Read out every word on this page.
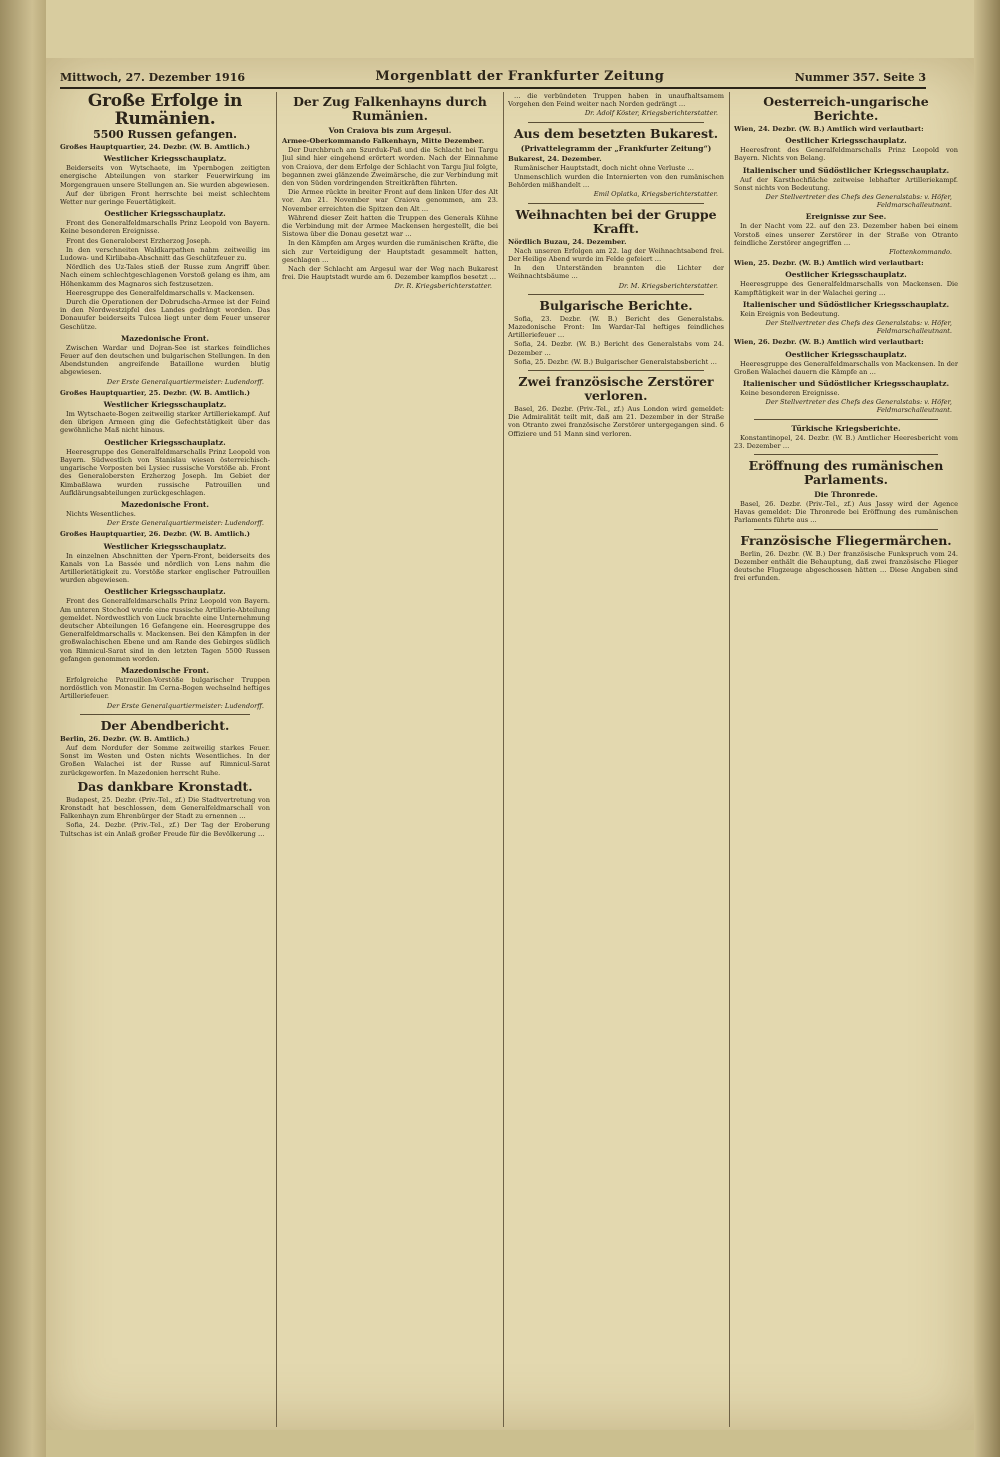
Mittwoch, 27. Dezember 1916	Morgenblatt der Frankfurter Zeitung	Nummer 357. Seite 3
Große Erfolge in Rumänien.
5500 Russen gefangen.
Großes Hauptquartier, 24. Dezbr. (W. B. Amtlich.)
Westlicher Kriegsschauplatz.

Beiderseits von Wytschaete, im Ypernbogen zeitigten energische Abteilungen von starker Feuerwirkung im Morgengrauen unsere Stellungen an. Sie wurden abgewiesen.

Auf der übrigen Front herrschte bei meist schlechtem Wetter nur geringe Feuertätigkeit.

Oestlicher Kriegsschauplatz.

Front des Generalfeldmarschalls Prinz Leopold von Bayern. Keine besonderen Ereignisse.

Front des Generaloberst Erzherzog Joseph.

In den verschneiten Waldkarpathen nahm zeitweilig im Ludowa- und Kirlibaba-Abschnitt das Geschützfeuer zu.

Nördlich des Uz-Tales stieß der Russe zum Angriff über. Nach einem schlechtgeschlagenen Vorstoß gelang es ihm, am Höhenkamm des Magnaros sich festzusetzen.

Heeresgruppe des Generalfeldmarschalls v. Mackensen.

Durch die Operationen der Dobrudscha-Armee ist der Feind in den Nordwestzipfel des Landes gedrängt worden. Das Donauufer beiderseits Tulcea liegt unter dem Feuer unserer Geschütze.

Mazedonische Front.

Zwischen Wardar und Dojran-See ist starkes feindliches Feuer auf den deutschen und bulgarischen Stellungen. In den Abendstunden angreifende Bataillone wurden blutig abgewiesen.

Der Erste Generalquartiermeister: Ludendorff.
Großes Hauptquartier, 25. Dezbr. (W. B. Amtlich.)
Westlicher Kriegsschauplatz.

Im Wytschaete-Bogen zeitweilig starker Artilleriekampf. Auf den übrigen Armeen ging die Gefechtstätigkeit über das gewöhnliche Maß nicht hinaus.

Oestlicher Kriegsschauplatz.

Heeresgruppe des Generalfeldmarschalls Prinz Leopold von Bayern. Südwestlich von Stanislau wiesen österreichisch-ungarische Vorposten bei Lysiec russische Vorstöße ab. Front des Generalobersten Erzherzog Joseph. Im Gebiet der Kimbaßlawa wurden russische Patrouillen und Aufklärungsabteilungen zurückgeschlagen.

Mazedonische Front.

Nichts Wesentliches.

Der Erste Generalquartiermeister: Ludendorff.
Großes Hauptquartier, 26. Dezbr. (W. B. Amtlich.)
Westlicher Kriegsschauplatz.

In einzelnen Abschnitten der Ypern-Front, beiderseits des Kanals von La Bassée und nördlich von Lens nahm die Artillerietätigkeit zu. Vorstöße starker englischer Patrouillen wurden abgewiesen.

Oestlicher Kriegsschauplatz.

Front des Generalfeldmarschalls Prinz Leopold von Bayern. Am unteren Stochod wurde eine russische Artillerie-Abteilung gemeldet. Nordwestlich von Luck brachte eine Unternehmung deutscher Abteilungen 16 Gefangene ein. Heeresgruppe des Generalfeldmarschalls v. Mackensen. Bei den Kämpfen in der großwalachischen Ebene und am Rande des Gebirges südlich von Rimnicul-Sarat sind in den letzten Tagen 5500 Russen gefangen genommen worden.

Mazedonische Front.

Erfolgreiche Patrouillen-Vorstöße bulgarischer Truppen nordöstlich von Monastir. Im Cerna-Bogen wechselnd heftiges Artilleriefeuer.

Der Erste Generalquartiermeister: Ludendorff.
Der Abendbericht.
Berlin, 26. Dezbr. (W. B. Amtlich.)

Auf dem Nordufer der Somme zeitweilig starkes Feuer. Sonst im Westen und Osten nichts Wesentliches. In der Großen Walachei ist der Russe auf Rimnicul-Sarat zurückgeworfen. In Mazedonien herrscht Ruhe.

Das dankbare Kronstadt.

Budapest, 25. Dezbr. (Priv.-Tel., zf.) Die Stadtvertretung von Kronstadt hat beschlossen, dem Generalfeldmarschall von Falkenhayn zum Ehrenbürger der Stadt zu ernennen …

Sofia, 24. Dezbr. (Priv.-Tel., zf.) Der Tag der Eroberung Tultschas ist ein Anlaß großer Freude für die Bevölkerung …

Der Zug Falkenhayns durch Rumänien.
Von Craiova bis zum Argeșul.
Armee-Oberkommando Falkenhayn, Mitte Dezember.

Der Durchbruch am Szurduk-Paß und die Schlacht bei Targu Jiul sind hier eingehend erörtert worden. Nach der Einnahme von Craiova, der dem Erfolge der Schlacht von Targu Jiul folgte, begannen zwei glänzende Zweimärsche, die zur Verbindung mit den von Süden vordringenden Streitkräften führten.

Die Armee rückte in breiter Front auf dem linken Ufer des Alt vor. Am 21. November war Craiova genommen, am 23. November erreichten die Spitzen den Alt …

Während dieser Zeit hatten die Truppen des Generals Kühne die Verbindung mit der Armee Mackensen hergestellt, die bei Sistowa über die Donau gesetzt war …

In den Kämpfen am Argeș wurden die rumänischen Kräfte, die sich zur Verteidigung der Hauptstadt gesammelt hatten, geschlagen …

Nach der Schlacht am Argeșul war der Weg nach Bukarest frei. Die Hauptstadt wurde am 6. Dezember kampflos besetzt …

Dr. R. Kriegsberichterstatter.

… die verbündeten Truppen haben in unaufhaltsamem Vorgehen den Feind weiter nach Norden gedrängt …

Dr. Adolf Köster, Kriegsberichterstatter.
Aus dem besetzten Bukarest.
(Privattelegramm der „Frankfurter Zeitung“)
Bukarest, 24. Dezember.

Rumänischer Hauptstadt, doch nicht ohne Verluste …

Unmenschlich wurden die Internierten von den rumänischen Behörden mißhandelt …

Emil Oplatka, Kriegsberichterstatter.
Weihnachten bei der Gruppe Krafft.
Nördlich Buzau, 24. Dezember.

Nach unseren Erfolgen am 22. lag der Weihnachtsabend frei. Der Heilige Abend wurde im Felde gefeiert …

In den Unterständen brannten die Lichter der Weihnachtsbäume …

Dr. M. Kriegsberichterstatter.
Bulgarische Berichte.

Sofia, 23. Dezbr. (W. B.) Bericht des Generalstabs. Mazedonische Front: Im Wardar-Tal heftiges feindliches Artilleriefeuer …

Sofia, 24. Dezbr. (W. B.) Bericht des Generalstabs vom 24. Dezember …

Sofia, 25. Dezbr. (W. B.) Bulgarischer Generalstabsbericht …

Zwei französische Zerstörer verloren.

Basel, 26. Dezbr. (Priv.-Tel., zf.) Aus London wird gemeldet: Die Admiralität teilt mit, daß am 21. Dezember in der Straße von Otranto zwei französische Zerstörer untergegangen sind. 6 Offiziere und 51 Mann sind verloren.

Oesterreich-ungarische Berichte.
Wien, 24. Dezbr. (W. B.) Amtlich wird verlautbart:
Oestlicher Kriegsschauplatz.

Heeresfront des Generalfeldmarschalls Prinz Leopold von Bayern. Nichts von Belang.

Italienischer und Südöstlicher Kriegsschauplatz.

Auf der Karsthochfläche zeitweise lebhafter Artilleriekampf. Sonst nichts von Bedeutung.

Der Stellvertreter des Chefs des Generalstabs: v. Höfer, Feldmarschalleutnant.
Ereignisse zur See.

In der Nacht vom 22. auf den 23. Dezember haben bei einem Vorstoß eines unserer Zerstörer in der Straße von Otranto feindliche Zerstörer angegriffen …

Flottenkommando.
Wien, 25. Dezbr. (W. B.) Amtlich wird verlautbart:
Oestlicher Kriegsschauplatz.

Heeresgruppe des Generalfeldmarschalls von Mackensen. Die Kampftätigkeit war in der Walachei gering …

Italienischer und Südöstlicher Kriegsschauplatz.

Kein Ereignis von Bedeutung.

Der Stellvertreter des Chefs des Generalstabs: v. Höfer, Feldmarschalleutnant.
Wien, 26. Dezbr. (W. B.) Amtlich wird verlautbart:
Oestlicher Kriegsschauplatz.

Heeresgruppe des Generalfeldmarschalls von Mackensen. In der Großen Walachei dauern die Kämpfe an …

Italienischer und Südöstlicher Kriegsschauplatz.

Keine besonderen Ereignisse.

Der Stellvertreter des Chefs des Generalstabs: v. Höfer, Feldmarschalleutnant.
Türkische Kriegsberichte.

Konstantinopel, 24. Dezbr. (W. B.) Amtlicher Heeresbericht vom 23. Dezember …

Eröffnung des rumänischen Parlaments.
Die Thronrede.

Basel, 26. Dezbr. (Priv.-Tel., zf.) Aus Jassy wird der Agence Havas gemeldet: Die Thronrede bei Eröffnung des rumänischen Parlaments führte aus …

Französische Fliegermärchen.

Berlin, 26. Dezbr. (W. B.) Der französische Funkspruch vom 24. Dezember enthält die Behauptung, daß zwei französische Flieger deutsche Flugzeuge abgeschossen hätten … Diese Angaben sind frei erfunden.
